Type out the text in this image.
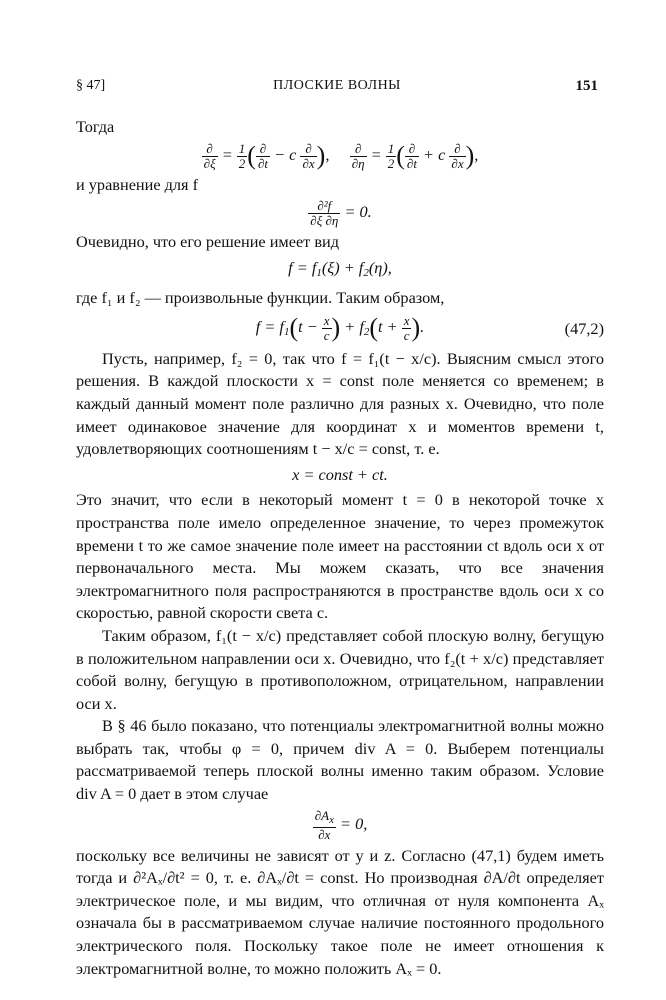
§ 47]	ПЛОСКИЕ ВОЛНЫ	151

Тогда

$\frac{\partial}{\partial\xi} = \frac{1}{2}$ ( $\frac{\partial}{\partial t} - c \frac{\partial}{\partial x}$ ), $\frac{\partial}{\partial\eta} = \frac{1}{2}$ ( $\frac{\partial}{\partial t} + c \frac{\partial}{\partial x}$ ),

и уравнение для f

$\frac{\text{∂²f}}{\partial\xi \partial\eta} = 0$.

Очевидно, что его решение имеет вид

$f = f_1(\xi) + f_2(\eta)$,

где f₁ и f₂ — произвольные функции. Таким образом,

$f = f_1(t - \frac{x}{c}$ ) + $f_2(t + \frac{x}{c}$ ).	(47,2)

Пусть, например, f₂ = 0, так что f = f₁(t − x/c). Выясним смысл этого решения. В каждой плоскости x = const поле меняется со временем; в каждый данный момент поле различно для разных x. Очевидно, что поле имеет одинаковое значение для координат x и моментов времени t, удовлетворяющих соотношениям t − x/c = const, т. е.

x = const + ct.

Это значит, что если в некоторый момент t = 0 в некоторой точке x пространства поле имело определенное значение, то через промежуток времени t то же самое значение поле имеет на расстоянии ct вдоль оси x от первоначального места. Мы можем сказать, что все значения электромагнитного поля распространяются в пространстве вдоль оси x со скоростью, равной скорости света c.

Таким образом, f₁(t − x/c) представляет собой плоскую волну, бегущую в положительном направлении оси x. Очевидно, что f₂(t + x/c) представляет собой волну, бегущую в противоположном, отрицательном, направлении оси x.

В § 46 было показано, что потенциалы электромагнитной волны можно выбрать так, чтобы φ = 0, причем div A = 0. Выберем потенциалы рассматриваемой теперь плоской волны именно таким образом. Условие div A = 0 дает в этом случае

$\frac{\partial A_x}{\partial x} = 0$,

поскольку все величины не зависят от y и z. Согласно (47,1) будем иметь тогда и ∂²Aₓ/∂t² = 0, т. е. ∂Aₓ/∂t = const. Но производная ∂A/∂t определяет электрическое поле, и мы видим, что отличная от нуля компонента Aₓ означала бы в рассматриваемом случае наличие постоянного продольного электрического поля. Поскольку такое поле не имеет отношения к электромагнитной волне, то можно положить Aₓ = 0.
